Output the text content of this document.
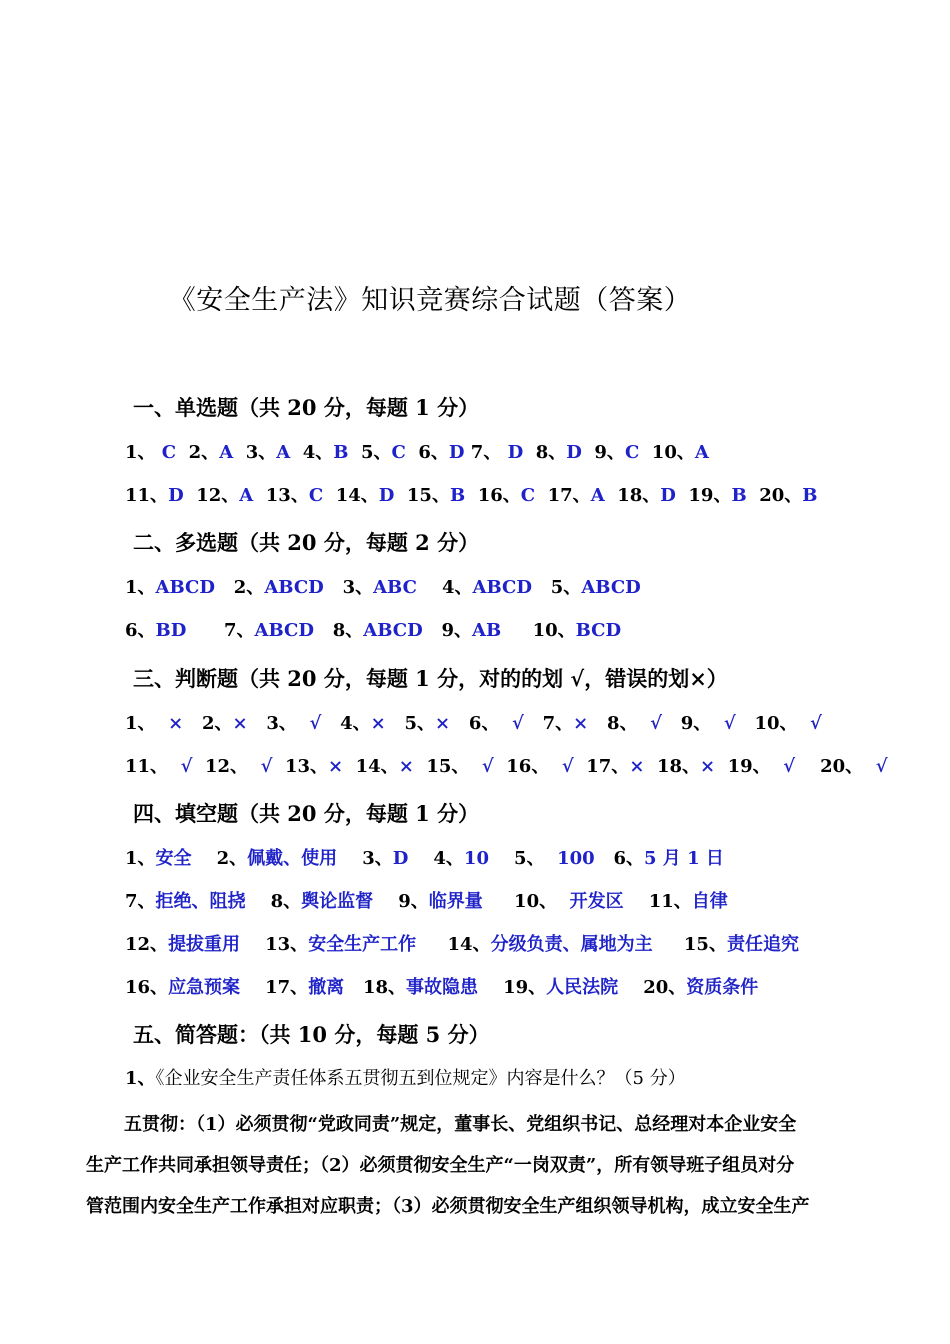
《安全生产法》知识竞赛综合试题（答案）
一、单选题（共 20 分，每题 1 分）
1、 C  2、A  3、A  4、B  5、C  6、D 7、 D  8、D  9、C  10、A
11、D  12、A  13、C  14、D  15、B  16、C  17、A  18、D  19、B  20、B
二、多选题（共 20 分，每题 2 分）
1、ABCD   2、ABCD   3、ABC    4、ABCD   5、ABCD
6、BD      7、ABCD   8、ABCD   9、AB     10、BCD
三、判断题（共 20 分，每题 1 分，对的的划 √，错误的划×）
1、  ×   2、×   3、  √   4、×   5、×   6、  √   7、×   8、  √   9、  √   10、  √
11、  √  12、  √  13、×  14、×  15、  √  16、  √  17、×  18、×  19、  √    20、  √
四、填空题（共 20 分，每题 1 分）
1、安全    2、佩戴、使用    3、D    4、10    5、  100   6、5 月 1 日
7、拒绝、阻挠    8、舆论监督    9、临界量     10、  开发区    11、自律
12、提拔重用    13、安全生产工作     14、分级负责、属地为主     15、责任追究
16、应急预案    17、撤离   18、事故隐患    19、人民法院    20、资质条件
五、简答题：（共 10 分，每题 5 分）
1、《企业安全生产责任体系五贯彻五到位规定》内容是什么？（5 分）
五贯彻：（1）必须贯彻“党政同责”规定，董事长、党组织书记、总经理对本企业安全
生产工作共同承担领导责任；（2）必须贯彻安全生产“一岗双责”，所有领导班子组员对分
管范围内安全生产工作承担对应职责；（3）必须贯彻安全生产组织领导机构，成立安全生产
